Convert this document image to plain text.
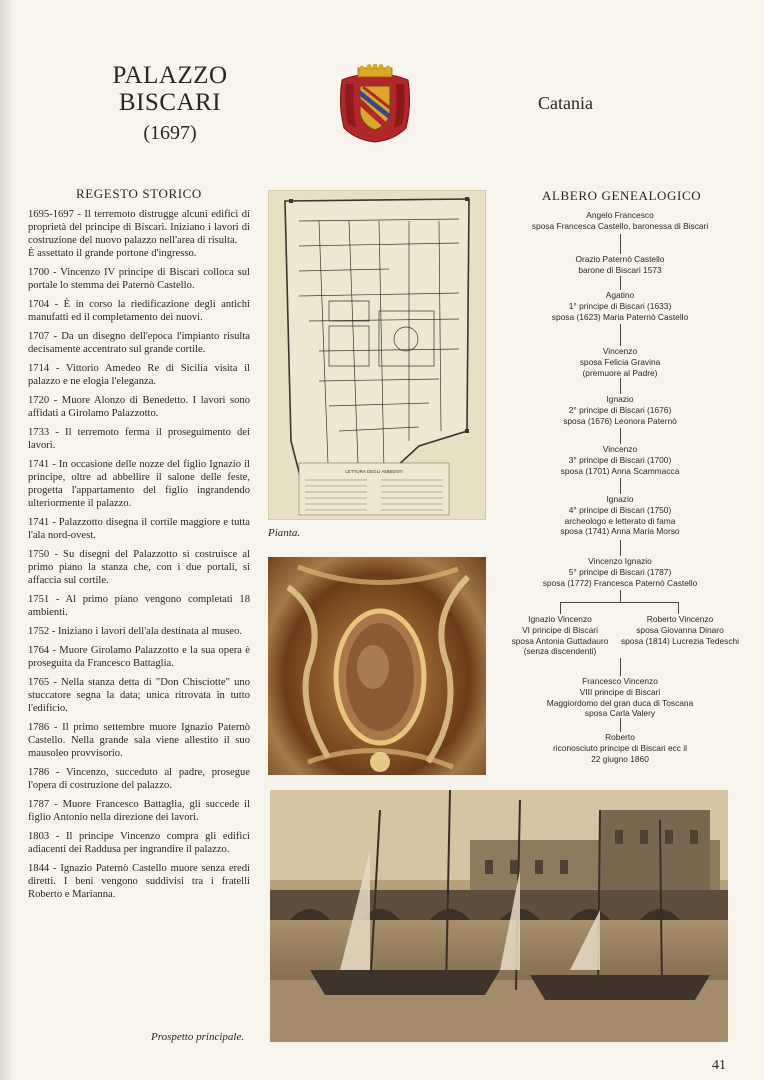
PALAZZO
BISCARI
(1697)
Catania
REGESTO STORICO

1695-1697 - Il terremoto distrugge alcuni edifici di proprietà del principe di Biscari. Iniziano i lavori di costruzione del nuovo palazzo nell'area di risulta.
È assettato il grande portone d'ingresso.

1700 - Vincenzo IV principe di Biscari colloca sul portale lo stemma dei Paternò Castello.

1704 - È in corso la riedificazione degli antichi manufatti ed il completamento dei nuovi.

1707 - Da un disegno dell'epoca l'impianto risulta decisamente accentrato sul grande cortile.

1714 - Vittorio Amedeo Re di Sicilia visita il palazzo e ne elogia l'eleganza.

1720 - Muore Alonzo di Benedetto. I lavori sono affidati a Girolamo Palazzotto.

1733 - Il terremoto ferma il proseguimento dei lavori.

1741 - In occasione delle nozze del figlio Ignazio il principe, oltre ad abbellire il salone delle feste, progetta l'appartamento del figlio ingrandendo ulteriormente il palazzo.

1741 - Palazzotto disegna il cortile maggiore e tutta l'ala nord-ovest.

1750 - Su disegni del Palazzotto si costruisce al primo piano la stanza che, con i due portali, si affaccia sul cortile.

1751 - Al primo piano vengono completati 18 ambienti.

1752 - Iniziano i lavori dell'ala destinata al museo.

1764 - Muore Girolamo Palazzotto e la sua opera è proseguita da Francesco Battaglia.

1765 - Nella stanza detta di "Don Chisciotte" uno stuccatore segna la data; unica ritrovata in tutto l'edificio.

1786 - Il primo settembre muore Ignazio Paternò Castello. Nella grande sala viene allestito il suo mausoleo provvisorio.

1786 - Vincenzo, succeduto al padre, prosegue l'opera di costruzione del palazzo.

1787 - Muore Francesco Battaglia, gli succede il figlio Antonio nella direzione dei lavori.

1803 - Il principe Vincenzo compra gli edifici adiacenti dei Raddusa per ingrandire il palazzo.

1844 - Ignazio Paternò Castello muore senza eredi diretti. I beni vengono suddivisi tra i fratelli Roberto e Marianna.

LETTURA DEGLI AMBIENTI
Pianta.
Prospetto principale.
ALBERO GENEALOGICO
Angelo Francesco
sposa Francesca Castello, baronessa di Biscari
Orazio Paternò Castello
barone di Biscari 1573
Agatino
1° principe di Biscari (1633)
sposa (1623) Maria Paternò Castello
Vincenzo
sposa Felicia Gravina
(premuore al Padre)
Ignazio
2° principe di Biscari (1676)
sposa (1676) Leonora Paternò
Vincenzo
3° principe di Biscari (1700)
sposa (1701) Anna Scammacca
Ignazio
4° principe di Biscari (1750)
archeologo e letterato di fama
sposa (1741) Anna Maria Morso
Vincenzo Ignazio
5° principe di Biscari (1787)
sposa (1772) Francesca Paternò Castello
Ignazio Vincenzo
VI principe di Biscari
sposa Antonia Guttadauro
(senza discendenti)
Roberto Vincenzo
sposa Giovanna Dinaro
sposa (1814) Lucrezia Tedeschi
Francesco Vincenzo
VIII principe di Biscari
Maggiordomo del gran duca di Toscana
sposa Carla Valery
Roberto
riconosciuto principe di Biscari ecc il
22 giugno 1860
41
